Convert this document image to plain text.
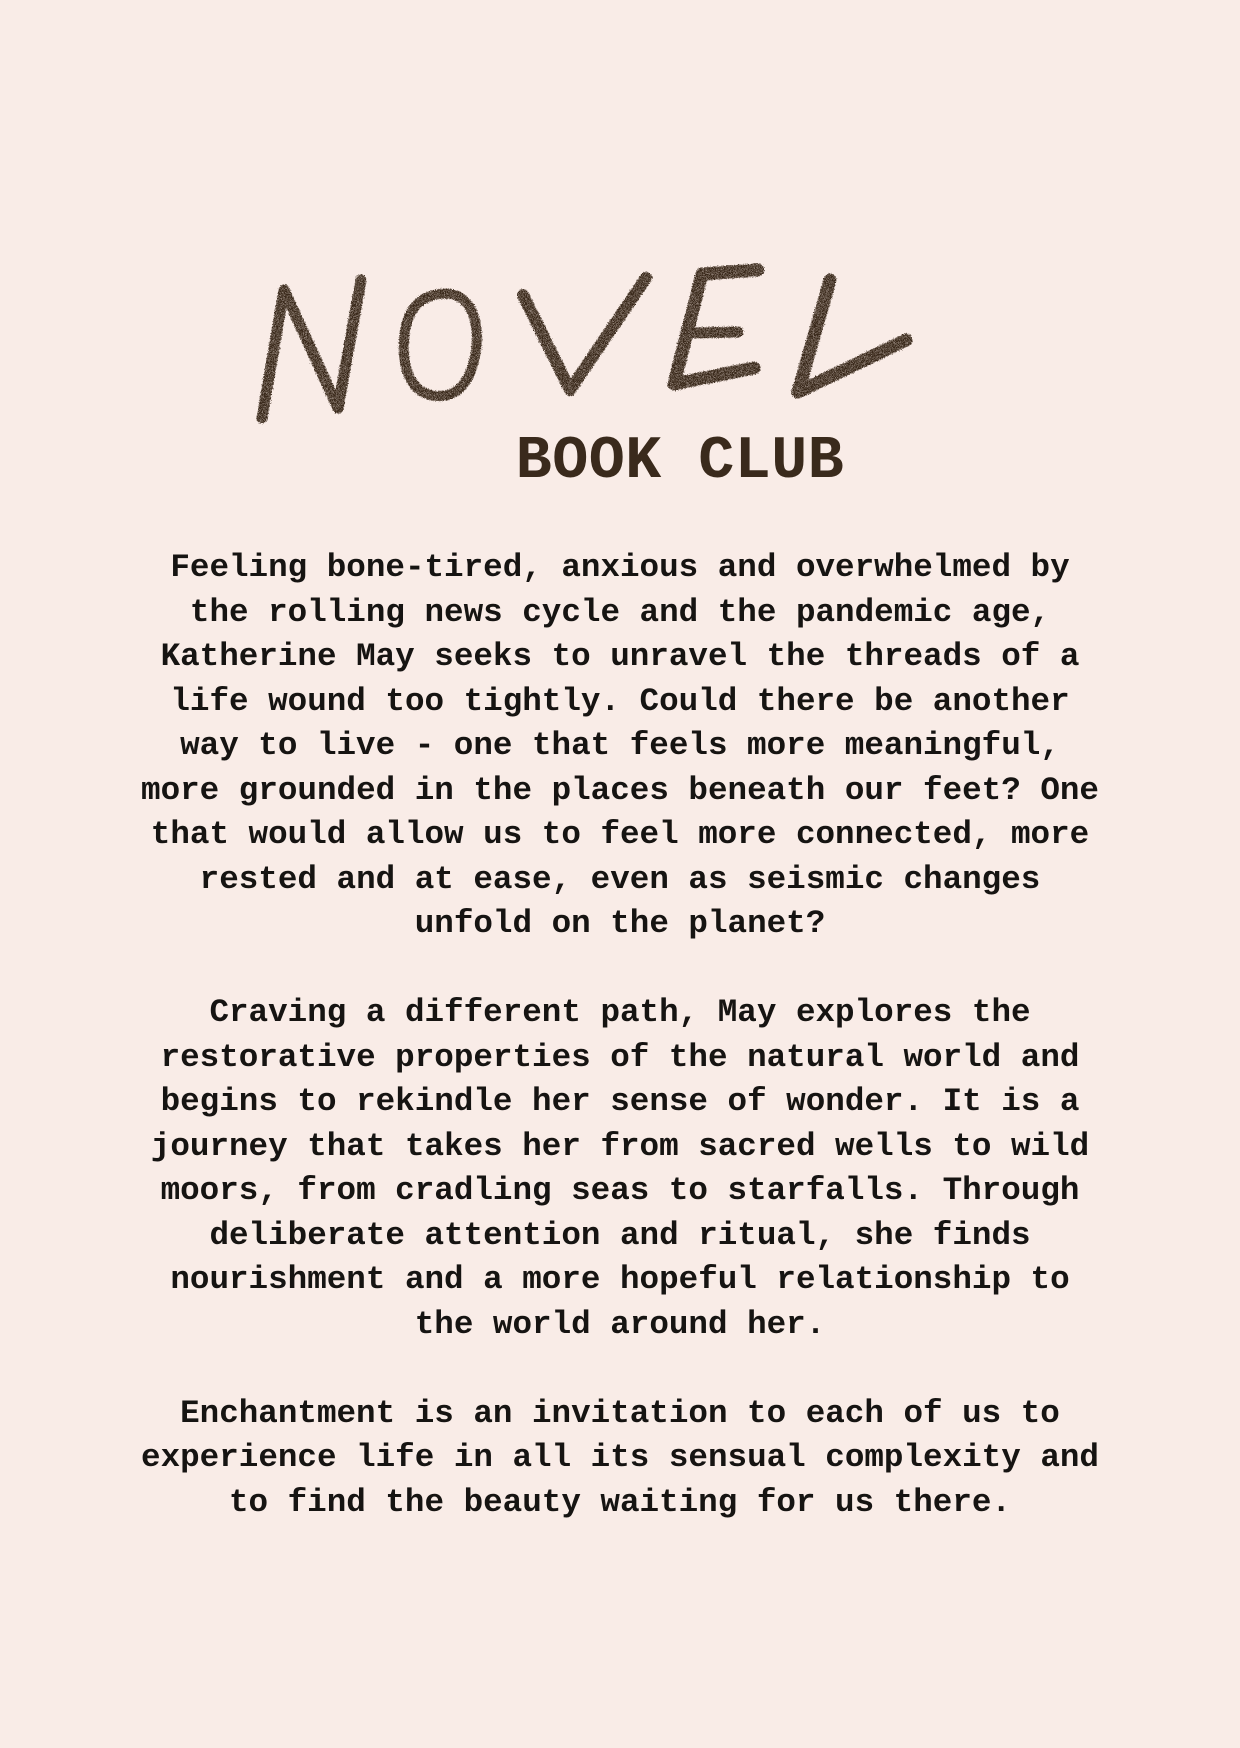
BOOK CLUB

Feeling bone-tired, anxious and overwhelmed by
the rolling news cycle and the pandemic age,
Katherine May seeks to unravel the threads of a
life wound too tightly. Could there be another
way to live - one that feels more meaningful,
more grounded in the places beneath our feet? One
that would allow us to feel more connected, more
rested and at ease, even as seismic changes
unfold on the planet?

Craving a different path, May explores the
restorative properties of the natural world and
begins to rekindle her sense of wonder. It is a
journey that takes her from sacred wells to wild
moors, from cradling seas to starfalls. Through
deliberate attention and ritual, she finds
nourishment and a more hopeful relationship to
the world around her.

Enchantment is an invitation to each of us to
experience life in all its sensual complexity and
to find the beauty waiting for us there.
